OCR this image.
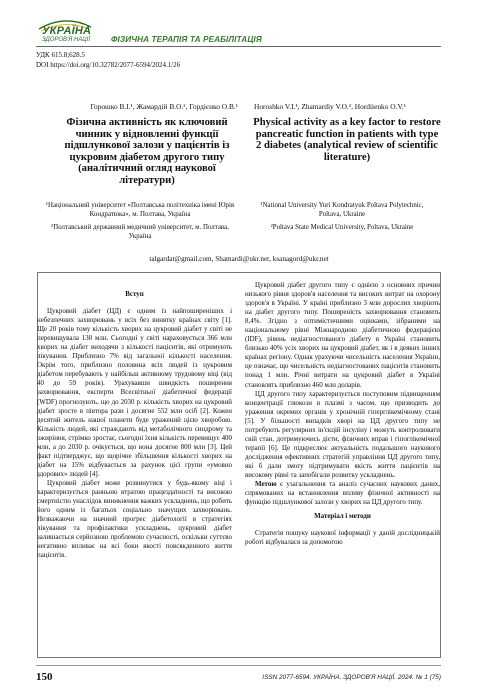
УКРАЇНА
ЗДОРОВ'Я НАЦІЇ	ФІЗИЧНА ТЕРАПІЯ ТА РЕАБІЛІТАЦІЯ
УДК 615.8;628.5
DOI https://doi.org/10.32782/2077-6594/2024.1/26
Горошко В.І.¹, Жамардій В.О.², Гордієнко О.В.¹
Фізична активність як ключовий чинник у відновленні функції підшлункової залози у пацієнтів із цукровим діабетом другого типу (аналітичний огляд наукової літератури)
¹Національний університет «Полтавська політехніка імені Юрія Кондратюка», м. Полтава, Україна
²Полтавський державний медичний університет, м. Полтава, Україна
Horoshko V.I.¹, Zhamardiy V.O.², Hordiienko O.V.¹
Physical activity as a key factor to restore pancreatic function in patients with type 2 diabetes (analytical review of scientific literature)
¹National University Yuri Kondratyuk Poltava Polytechnic, Poltava, Ukraine
²Poltava State Medical University, Poltava, Ukraine
talgardat@gmail.com, Shamardi@ukr.net, ksanagord@ukr.net

Вступ

Цукровий діабет (ЦД) є одним із найпоширеніших і небезпечних захворювань у всіх без винятку країнах світу [1]. Ще 20 років тому кількість хворих на цукровий діабет у світі не перевищувала 130 млн. Сьогодні у світі нараховується 366 млн хворих на діабет виходячи з кількості пацієнтів, які отримують лікування. Приблизно 7% від загальної кількості населення. Окрім того, приблизно половина всіх людей із цукровим діабетом перебувають у найбільш активному трудовому віці (від 40 до 59 років). Урахувавши швидкість поширення захворювання, експерти Всесвітньої діабетичної федерації (WDF) прогнозують, що до 2030 р. кількість хворих на цукровий діабет зросте в півтора рази і досягне 552 млн осіб [2]. Кожен десятий житель нашої планети буде уражений цією хворобою. Кількість людей, які страждають від метаболічного синдрому та ожиріння, стрімко зростає, сьогодні їхня кількість перевищує 400 млн, а до 2030 р. очікується, що вона досягне 800 млн [3]. Цей факт підтверджує, що щорічне збільшення кількості хворих на діабет на 15% відбувається за рахунок цієї групи «умовно здорових» людей [4].

Цукровий діабет може розвинутися у будь-якому віці і характеризується ранньою втратою працездатності та високою смертністю унаслідок виникнення важких ускладнень, що робить його одним із багатьох соціально значущих захворювань. Незважаючи на значний прогрес діабетології в стратегіях лікування та профілактики ускладнень, цукровий діабет залишається серйозною проблемою сучасності, оскільки суттєво негативно впливає на всі боки якості повсякденного життя пацієнтів.

Цукровий діабет другого типу є однією з основних причин низького рівня здоров'я населення та високих витрат на охорону здоров'я в Україні. У країні приблизно 3 млн дорослих хворіють на діабет другого типу. Поширеність захворювання становить 8,4%. Згідно з оптимістичними оцінками, зібраними на національному рівні Міжнародною діабетичною федерацією (IDF), рівень недіагностованого діабету в Україні становить близько 40% усіх хворих на цукровий діабет, як і в деяких інших країнах регіону. Однак урахуючи чисельність населення України, це означає, що чисельність недіагностованих пацієнтів становить понад 1 млн. Річні витрати на цукровий діабет в Україні становлять приблизно 460 млн доларів.

ЦД другого типу характеризується поступовим підвищенням концентрації глюкози в плазмі з часом, що призводить до ураження окремих органів у хронічній гіперглікемічному стані [5]. У більшості випадків хворі на ЦД другого типу не потребують регулярних ін'єкцій інсуліну і можуть контролювати свій стан, дотримуючись дієти, фізичних вправ і гіпоглікемічної терапії [6]. Це підкреслює актуальність подальшого наукового дослідження ефективних стратегій управління ЦД другого типу, які б дали змогу підтримувати якість життя пацієнтів на високому рівні та запобігали розвитку ускладнень.

Метою є узагальнення та аналіз сучасних наукових даних, спрямованих на встановлення впливу фізичної активності на функцію підшлункової залози у хворих на ЦД другого типу.

Матеріал і методи

Стратегія пошуку наукової інформації у даній дослідницькій роботі відбувалася за допомогою

150	ISSN 2077-6594. УКРАЇНА. ЗДОРОВ'Я НАЦІЇ. 2024. № 1 (75)
